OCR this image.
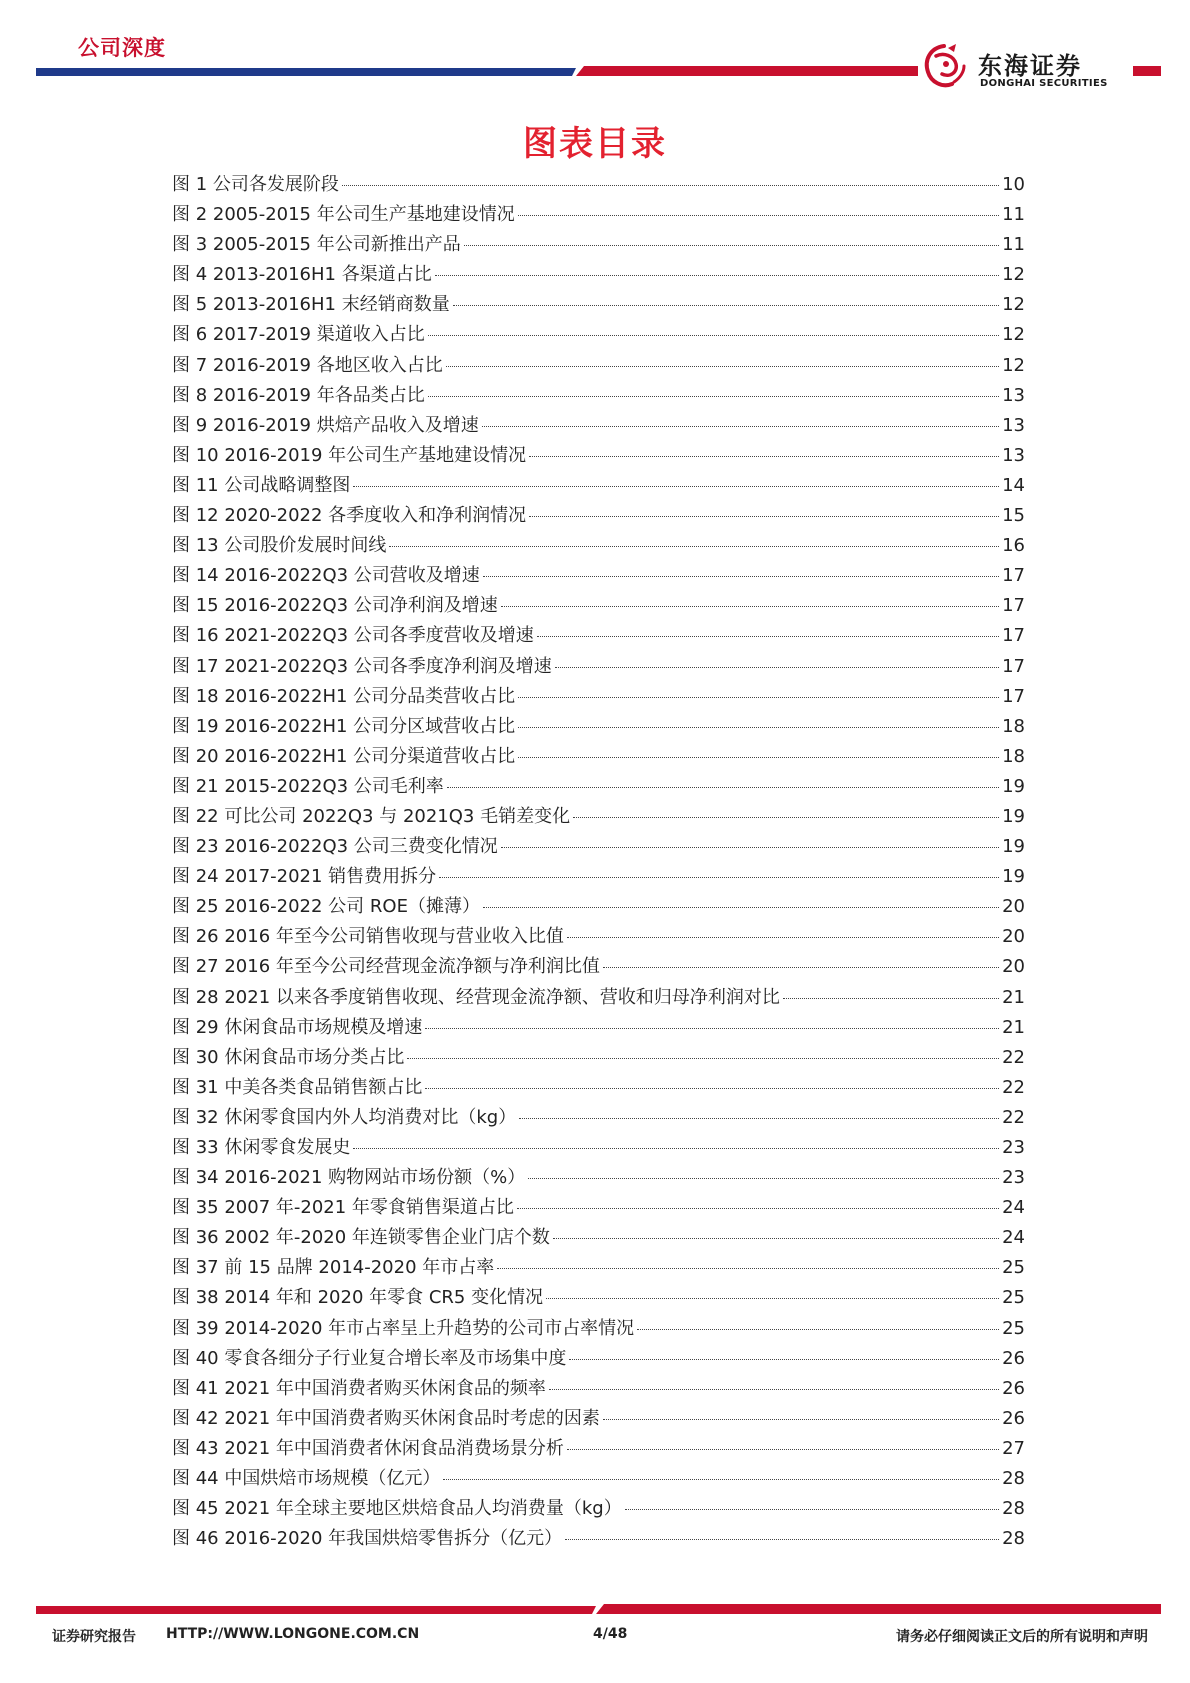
公司深度
东海证券
DONGHAI SECURITIES
图表目录
图 1 公司各发展阶段	10
图 2 2005-2015 年公司生产基地建设情况	11
图 3 2005-2015 年公司新推出产品	11
图 4 2013-2016H1 各渠道占比	12
图 5 2013-2016H1 末经销商数量	12
图 6 2017-2019 渠道收入占比	12
图 7 2016-2019 各地区收入占比	12
图 8 2016-2019 年各品类占比	13
图 9 2016-2019 烘焙产品收入及增速	13
图 10 2016-2019 年公司生产基地建设情况	13
图 11 公司战略调整图	14
图 12 2020-2022 各季度收入和净利润情况	15
图 13 公司股价发展时间线	16
图 14 2016-2022Q3 公司营收及增速	17
图 15 2016-2022Q3 公司净利润及增速	17
图 16 2021-2022Q3 公司各季度营收及增速	17
图 17 2021-2022Q3 公司各季度净利润及增速	17
图 18 2016-2022H1 公司分品类营收占比	17
图 19 2016-2022H1 公司分区域营收占比	18
图 20 2016-2022H1 公司分渠道营收占比	18
图 21 2015-2022Q3 公司毛利率	19
图 22 可比公司 2022Q3 与 2021Q3 毛销差变化	19
图 23 2016-2022Q3 公司三费变化情况	19
图 24 2017-2021 销售费用拆分	19
图 25 2016-2022 公司 ROE（摊薄）	20
图 26 2016 年至今公司销售收现与营业收入比值	20
图 27 2016 年至今公司经营现金流净额与净利润比值	20
图 28 2021 以来各季度销售收现、经营现金流净额、营收和归母净利润对比	21
图 29 休闲食品市场规模及增速	21
图 30 休闲食品市场分类占比	22
图 31 中美各类食品销售额占比	22
图 32 休闲零食国内外人均消费对比（kg）	22
图 33 休闲零食发展史	23
图 34 2016-2021 购物网站市场份额（%）	23
图 35 2007 年-2021 年零食销售渠道占比	24
图 36 2002 年-2020 年连锁零售企业门店个数	24
图 37 前 15 品牌 2014-2020 年市占率	25
图 38 2014 年和 2020 年零食 CR5 变化情况	25
图 39 2014-2020 年市占率呈上升趋势的公司市占率情况	25
图 40 零食各细分子行业复合增长率及市场集中度	26
图 41 2021 年中国消费者购买休闲食品的频率	26
图 42 2021 年中国消费者购买休闲食品时考虑的因素	26
图 43 2021 年中国消费者休闲食品消费场景分析	27
图 44 中国烘焙市场规模（亿元）	28
图 45 2021 年全球主要地区烘焙食品人均消费量（kg）	28
图 46 2016-2020 年我国烘焙零售拆分（亿元）	28
证券研究报告 HTTP://WWW.LONGONE.COM.CN	4/48	请务必仔细阅读正文后的所有说明和声明
